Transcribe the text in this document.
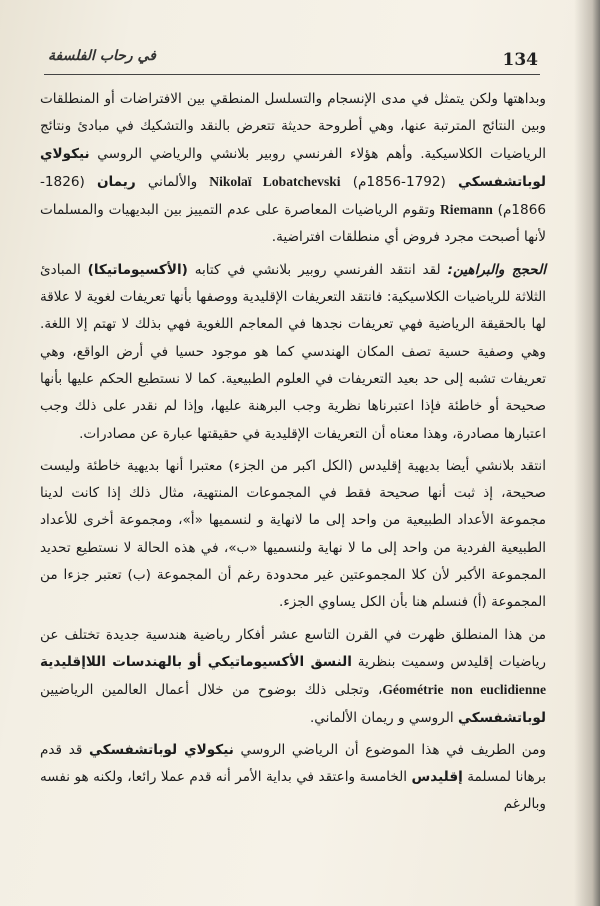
في رحاب الفلسفة	134

وبداهتها ولكن يتمثل في مدى الإنسجام والتسلسل المنطقي بين الافتراضات أو المنطلقات وبين النتائج المترتبة عنها، وهي أطروحة حديثة تتعرض بالنقد والتشكيك في مبادئ ونتائج الرياضيات الكلاسيكية. وأهم هؤلاء الفرنسي روبير بلانشي والرياضي الروسي نيكولاي لوباتشفسكي (1792-1856م) Nikolaï Lobatchevski والألماني ريمان (1826-1866م) Riemann وتقوم الرياضيات المعاصرة على عدم التمييز بين البديهيات والمسلمات لأنها أصبحت مجرد فروض أي منطلقات افتراضية.

الحجج والبراهين: لقد انتقد الفرنسي روبير بلانشي في كتابه (الأكسيوماتيكا) المبادئ الثلاثة للرياضيات الكلاسيكية: فانتقد التعريفات الإقليدية ووصفها بأنها تعريفات لغوية لا علاقة لها بالحقيقة الرياضية فهي تعريفات نجدها في المعاجم اللغوية فهي بذلك لا تهتم إلا اللغة. وهي وصفية حسية تصف المكان الهندسي كما هو موجود حسيا في أرض الواقع، وهي تعريفات تشبه إلى حد بعيد التعريفات في العلوم الطبيعية. كما لا نستطيع الحكم عليها بأنها صحيحة أو خاطئة فإذا اعتبرناها نظرية وجب البرهنة عليها، وإذا لم نقدر على ذلك وجب اعتبارها مصادرة، وهذا معناه أن التعريفات الإقليدية في حقيقتها عبارة عن مصادرات.

انتقد بلانشي أيضا بديهية إقليدس (الكل اكبر من الجزء) معتبرا أنها بديهية خاطئة وليست صحيحة، إذ ثبت أنها صحيحة فقط في المجموعات المنتهية، مثال ذلك إذا كانت لدينا مجموعة الأعداد الطبيعية من واحد إلى ما لانهاية و لنسميها «أ»، ومجموعة أخرى للأعداد الطبيعية الفردية من واحد إلى ما لا نهاية ولنسميها «ب»، في هذه الحالة لا نستطيع تحديد المجموعة الأكبر لأن كلا المجموعتين غير محدودة رغم أن المجموعة (ب) تعتبر جزءا من المجموعة (أ) فنسلم هنا بأن الكل يساوي الجزء.

من هذا المنطلق ظهرت في القرن التاسع عشر أفكار رياضية هندسية جديدة تختلف عن رياضيات إقليدس وسميت بنظرية النسق الأكسيوماتيكي أو بالهندسات اللاإقليدية Géométrie non euclidienne، وتجلى ذلك بوضوح من خلال أعمال العالمين الرياضيين لوباتشفسكي الروسي و ريمان الألماني.

ومن الطريف في هذا الموضوع أن الرياضي الروسي نيكولاي لوباتشفسكي قد قدم برهانا لمسلمة إقليدس الخامسة واعتقد في بداية الأمر أنه قدم عملا رائعا، ولكنه هو نفسه وبالرغم
